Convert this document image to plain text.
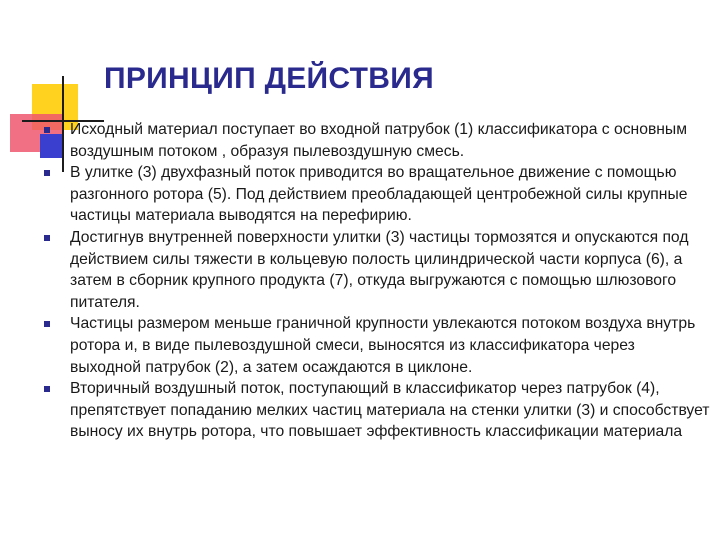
ПРИНЦИП ДЕЙСТВИЯ
Исходный материал поступает во входной патрубок (1) классификатора с основным воздушным потоком , образуя пылевоздушную смесь.
В улитке (3) двухфазный поток приводится во вращательное движение с помощью разгонного ротора (5). Под действием преобладающей центробежной силы крупные частицы материала выводятся на перефирию.
Достигнув внутренней поверхности улитки (3) частицы тормозятся и опускаются под действием силы тяжести в кольцевую полость цилиндрической части корпуса (6), а затем в сборник крупного продукта (7), откуда выгружаются с помощью шлюзового питателя.
Частицы размером меньше граничной крупности увлекаются потоком воздуха внутрь ротора и, в виде пылевоздушной смеси, выносятся из классификатора через выходной патрубок (2), а затем осаждаются в циклоне.
Вторичный воздушный поток, поступающий в классификатор через патрубок (4), препятствует попаданию мелких частиц материала на стенки улитки (3) и способствует выносу их внутрь ротора, что повышает эффективность классификации материала
